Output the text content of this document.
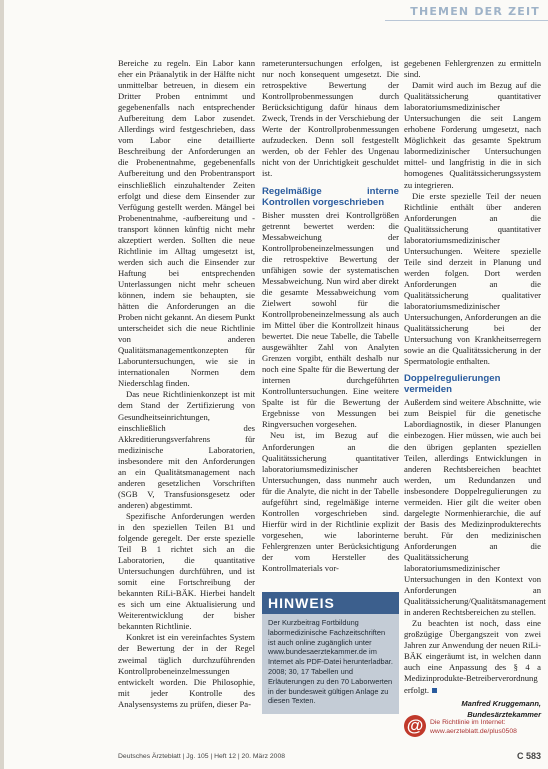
THEMEN DER ZEIT

Bereiche zu regeln. Ein Labor kann eher ein Präanalytik in der Hälfte nicht unmittelbar betreuen, in diesem ein Dritter Proben entnimmt und gegebenenfalls nach entsprechender Aufbereitung dem Labor zusendet. Allerdings wird festgeschrieben, dass vom Labor eine detaillierte Beschreibung der Anforderungen an die Probenentnahme, gegebenenfalls Aufbereitung und den Probentransport einschließlich einzuhaltender Zeiten erfolgt und diese dem Einsender zur Verfügung gestellt werden. Mängel bei Probenentnahme, -aufbereitung und -transport können künftig nicht mehr akzeptiert werden. Sollten die neue Richtlinie im Alltag umgesetzt ist, werden sich auch die Einsender zur Haftung bei entsprechenden Unterlassungen nicht mehr scheuen können, indem sie behaupten, sie hätten die Anforderungen an die Proben nicht gekannt. An diesem Punkt unterscheidet sich die neue Richtlinie von anderen Qualitätsmanagementkonzepten für Laboruntersuchungen, wie sie in internationalen Normen dem Niederschlag finden.

Das neue Richtlinienkonzept ist mit dem Stand der Zertifizierung von Gesundheitseinrichtungen, einschließlich des Akkreditierungsverfahrens für medizinische Laboratorien, insbesondere mit den Anforderungen an ein Qualitätsmanagement nach anderen gesetzlichen Vorschriften (SGB V, Transfusionsgesetz oder anderen) abgestimmt.

Spezifische Anforderungen werden in den speziellen Teilen B1 und folgende geregelt. Der erste spezielle Teil B 1 richtet sich an die Laboratorien, die quantitative Untersuchungen durchführen, und ist somit eine Fortschreibung der bekannten RiLi-BÄK. Hierbei handelt es sich um eine Aktualisierung und Weiterentwicklung der bisher bekannten Richtlinie.

Konkret ist ein vereinfachtes System der Bewertung der in der Regel zweimal täglich durchzuführenden Kontrollprobeneinzelmessungen entwickelt worden. Die Philosophie, mit jeder Kontrolle des Analysensystems zu prüfen, dieser Pa-

rameteruntersuchungen erfolgen, ist nur noch konsequent umgesetzt. Die retrospektive Bewertung der Kontrollprobenmessungen durch Berücksichtigung dafür hinaus dem Zweck, Trends in der Verschiebung der Werte der Kontrollprobenmessungen aufzudecken. Denn soll festgestellt werden, ob der Fehler des Ungenau nicht von der Unrichtigkeit geschuldet ist.

Regelmäßige interne Kontrollen vorgeschrieben

Bisher mussten drei Kontrollgrößen getrennt bewertet werden: die Messabweichung der Kontrollprobeneinzelmessungen und die retrospektive Bewertung der unfähigen sowie der systematischen Messabweichung. Nun wird aber direkt die gesamte Messabweichung vom Zielwert sowohl für die Kontrollprobeneinzelmessung als auch im Mittel über die Kontrollzeit hinaus bewertet. Die neue Tabelle, die Tabelle ausgewählter Zahl von Analyten Grenzen vorgibt, enthält deshalb nur noch eine Spalte für die Bewertung der internen durchgeführten Kontrolluntersuchungen. Eine weitere Spalte ist für die Bewertung der Ergebnisse von Messungen bei Ringversuchen vorgesehen.

Neu ist, im Bezug auf die Anforderungen an die Qualitätssicherung quantitativer laboratoriumsmedizinischer Untersuchungen, dass nunmehr auch für die Analyte, die nicht in der Tabelle aufgeführt sind, regelmäßige interne Kontrollen vorgeschrieben sind. Hierfür wird in der Richtlinie explizit vorgesehen, wie laborinterne Fehlergrenzen unter Berücksichtigung der vom Hersteller des Kontrollmaterials vor-

gegebenen Fehlergrenzen zu ermitteln sind.

Damit wird auch im Bezug auf die Qualitätssicherung quantitativer laboratoriumsmedizinischer Untersuchungen die seit Langem erhobene Forderung umgesetzt, nach Möglichkeit das gesamte Spektrum labormedizinischer Untersuchungen mittel- und langfristig in die in sich homogenes Qualitätssicherungssystem zu integrieren.

Die erste spezielle Teil der neuen Richtlinie enthält über anderen Anforderungen an die Qualitätssicherung quantitativer laboratoriumsmedizinischer Untersuchungen. Weitere spezielle Teile sind derzeit in Planung und werden folgen. Dort werden Anforderungen an die Qualitätssicherung qualitativer laboratoriumsmedizinischer Untersuchungen, Anforderungen an die Qualitätssicherung bei der Untersuchung von Krankheitserregern sowie an die Qualitätssicherung in der Spermatologie enthalten.

Doppelregulierungen vermeiden

Außerdem sind weitere Abschnitte, wie zum Beispiel für die genetische Labordiagnostik, in dieser Planungen einbezogen. Hier müssen, wie auch bei den übrigen geplanten speziellen Teilen, allerdings Entwicklungen in anderen Rechtsbereichen beachtet werden, um Redundanzen und insbesondere Doppelregulierungen zu vermeiden. Hier gilt die weiter oben dargelegte Normenhierarchie, die auf der Basis des Medizinprodukterechts beruht. Für den medizinischen Anforderungen an die Qualitätssicherung laboratoriumsmedizinischer Untersuchungen in den Kontext von Anforderungen an Qualitätssicherung/Qualitätsmanagement in anderen Rechtsbereichen zu stellen.

Zu beachten ist noch, dass eine großzügige Übergangszeit von zwei Jahren zur Anwendung der neuen RiLi-BÄK eingeräumt ist, in welchen dann auch eine Anpassung des § 4 a Medizinprodukte-Betreiberverordnung erfolgt.

Manfred Kruggemann, Bundesärztekammer
HINWEIS
Der Kurzbeitrag Fortbildung labormedizinische Fachzeitschriften ist auch online zugänglich unter www.bundesaerztekammer.de im Internet als PDF-Datei herunterladbar. 2008; 30, 17 Tabellen und Erläuterungen zu den 70 Laborwerten in der bundesweit gültigen Anlage zu diesen Texten.
@ Die Richtlinie im Internet:
www.aerzteblatt.de/plus0508
Deutsches Ärzteblatt | Jg. 105 | Heft 12 | 20. März 2008	C 583
